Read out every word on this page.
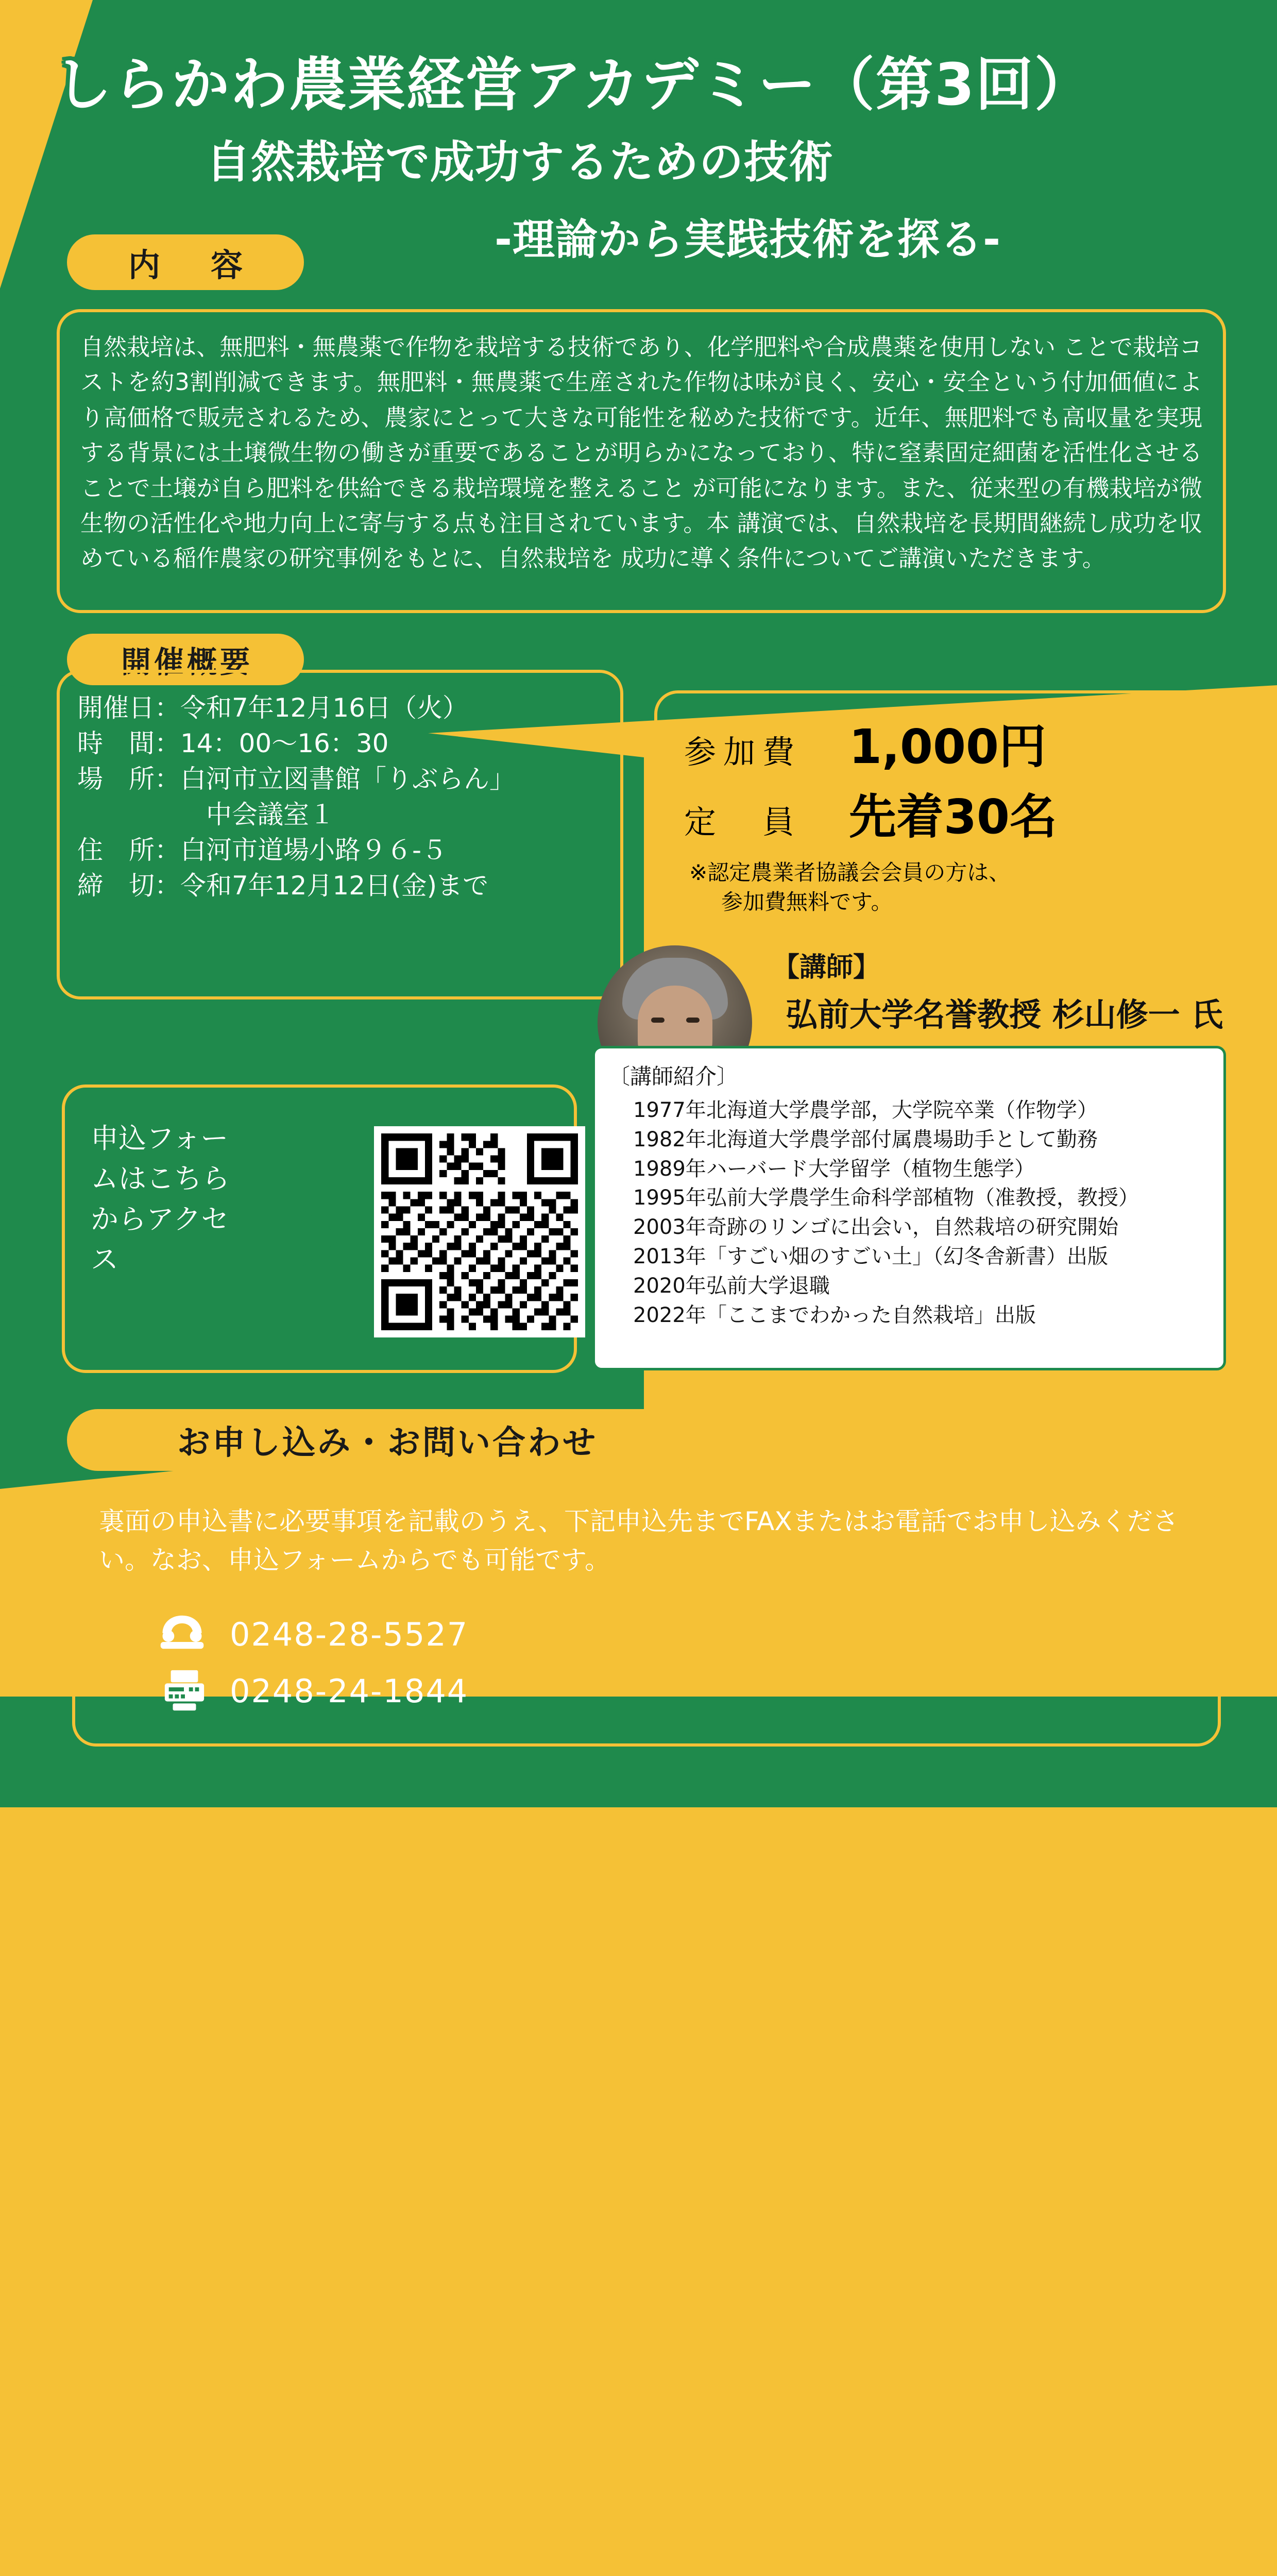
しらかわ農業経営アカデミー（第3回）
自然栽培で成功するための技術
-理論から実践技術を探る-
内　容
自然栽培は、無肥料・無農薬で作物を栽培する技術であり、化学肥料や合成農薬を使用しない ことで栽培コストを約3割削減できます。無肥料・無農薬で生産された作物は味が良く、安心・安全という付加価値により高価格で販売されるため、農家にとって大きな可能性を秘めた技術です。近年、無肥料でも高収量を実現する背景には土壌微生物の働きが重要であることが明らかになっており、特に窒素固定細菌を活性化させることで土壌が自ら肥料を供給できる栽培環境を整えること が可能になります。また、従来型の有機栽培が微生物の活性化や地力向上に寄与する点も注目されています。本 講演では、自然栽培を長期間継続し成功を収めている稲作農家の研究事例をもとに、自然栽培を 成功に導く条件についてご講演いただきます。
開催概要
開催日：令和7年12月16日（火）
時　間：14：00～16：30
場　所：白河市立図書館「りぶらん」
　　　　　中会議室１
住　所：白河市道場小路９６-５
締　切：令和7年12月12日(金)まで
参加費 1,000円
定　員 先着30名
※認定農業者協議会会員の方は、
参加費無料です。
申込フォームはこちらからアクセス
【講師】
弘前大学名誉教授 杉山修一 氏
〔講師紹介〕
1977年 北海道大学農学部，大学院卒業（作物学）
1982年 北海道大学農学部付属農場助手として勤務
1989年 ハーバード大学留学（植物生態学）
1995年 弘前大学農学生命科学部植物（准教授，教授）
2003年 奇跡のリンゴに出会い，自然栽培の研究開始
2013年 「すごい畑のすごい土」（幻冬舎新書）出版
2020年 弘前大学退職
2022年 「ここまでわかった自然栽培」出版
お申し込み・お問い合わせ
裏面の申込書に必要事項を記載のうえ、下記申込先までFAXまたはお電話でお申し込みください。なお、申込フォームからでも可能です。
0248-28-5527
0248-24-1844
